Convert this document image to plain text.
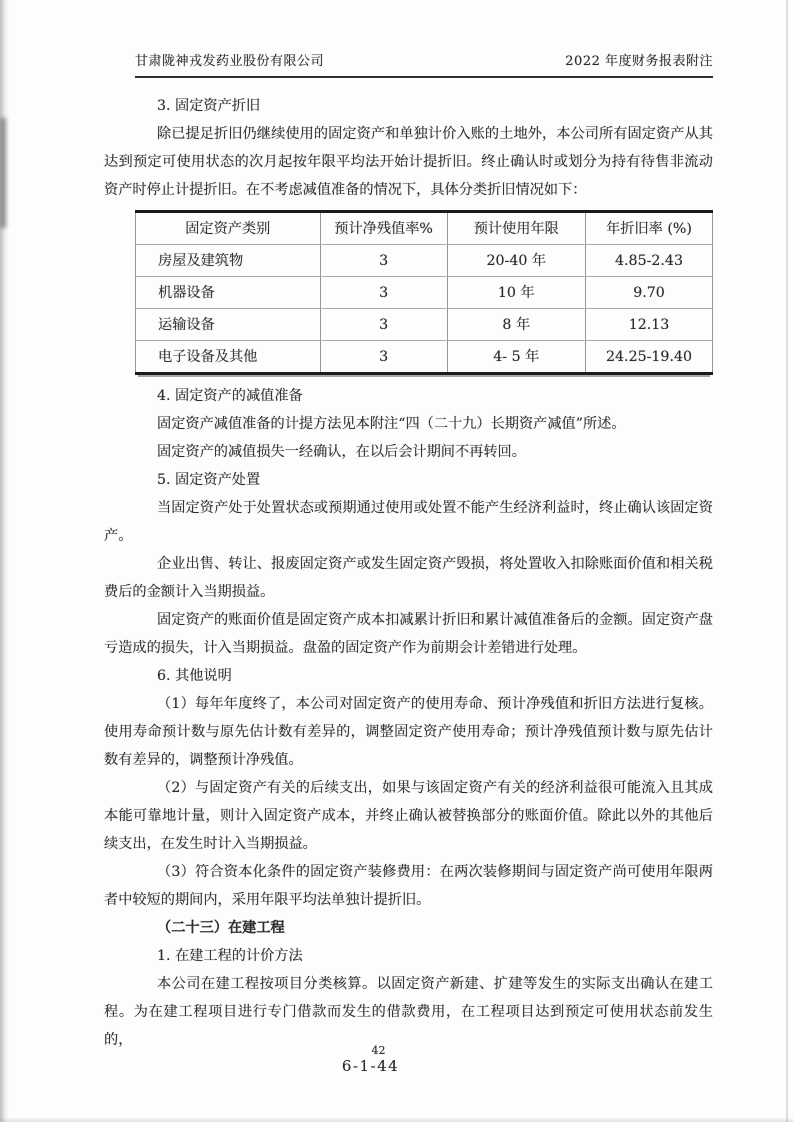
甘肃陇神戎发药业股份有限公司	2022 年度财务报表附注
3. 固定资产折旧
除已提足折旧仍继续使用的固定资产和单独计价入账的土地外，本公司所有固定资产从其达到预定可使用状态的次月起按年限平均法开始计提折旧。终止确认时或划分为持有待售非流动资产时停止计提折旧。在不考虑减值准备的情况下，具体分类折旧情况如下：
固定资产类别	预计净残值率%	预计使用年限	年折旧率 (%)
房屋及建筑物	3	20-40 年	4.85-2.43
机器设备	3	10 年	9.70
运输设备	3	8 年	12.13
电子设备及其他	3	4- 5 年	24.25-19.40
4. 固定资产的减值准备
固定资产减值准备的计提方法见本附注“四（二十九）长期资产减值”所述。
固定资产的减值损失一经确认，在以后会计期间不再转回。
5. 固定资产处置
当固定资产处于处置状态或预期通过使用或处置不能产生经济利益时，终止确认该固定资产。
企业出售、转让、报废固定资产或发生固定资产毁损，将处置收入扣除账面价值和相关税费后的金额计入当期损益。
固定资产的账面价值是固定资产成本扣减累计折旧和累计减值准备后的金额。固定资产盘亏造成的损失，计入当期损益。盘盈的固定资产作为前期会计差错进行处理。
6. 其他说明
（1）每年年度终了，本公司对固定资产的使用寿命、预计净残值和折旧方法进行复核。使用寿命预计数与原先估计数有差异的，调整固定资产使用寿命；预计净残值预计数与原先估计数有差异的，调整预计净残值。
（2）与固定资产有关的后续支出，如果与该固定资产有关的经济利益很可能流入且其成本能可靠地计量，则计入固定资产成本，并终止确认被替换部分的账面价值。除此以外的其他后续支出，在发生时计入当期损益。
（3）符合资本化条件的固定资产装修费用：在两次装修期间与固定资产尚可使用年限两者中较短的期间内，采用年限平均法单独计提折旧。
（二十三）在建工程
1. 在建工程的计价方法
本公司在建工程按项目分类核算。以固定资产新建、扩建等发生的实际支出确认在建工程。为在建工程项目进行专门借款而发生的借款费用，在工程项目达到预定可使用状态前发生的，
42
6-1-44
